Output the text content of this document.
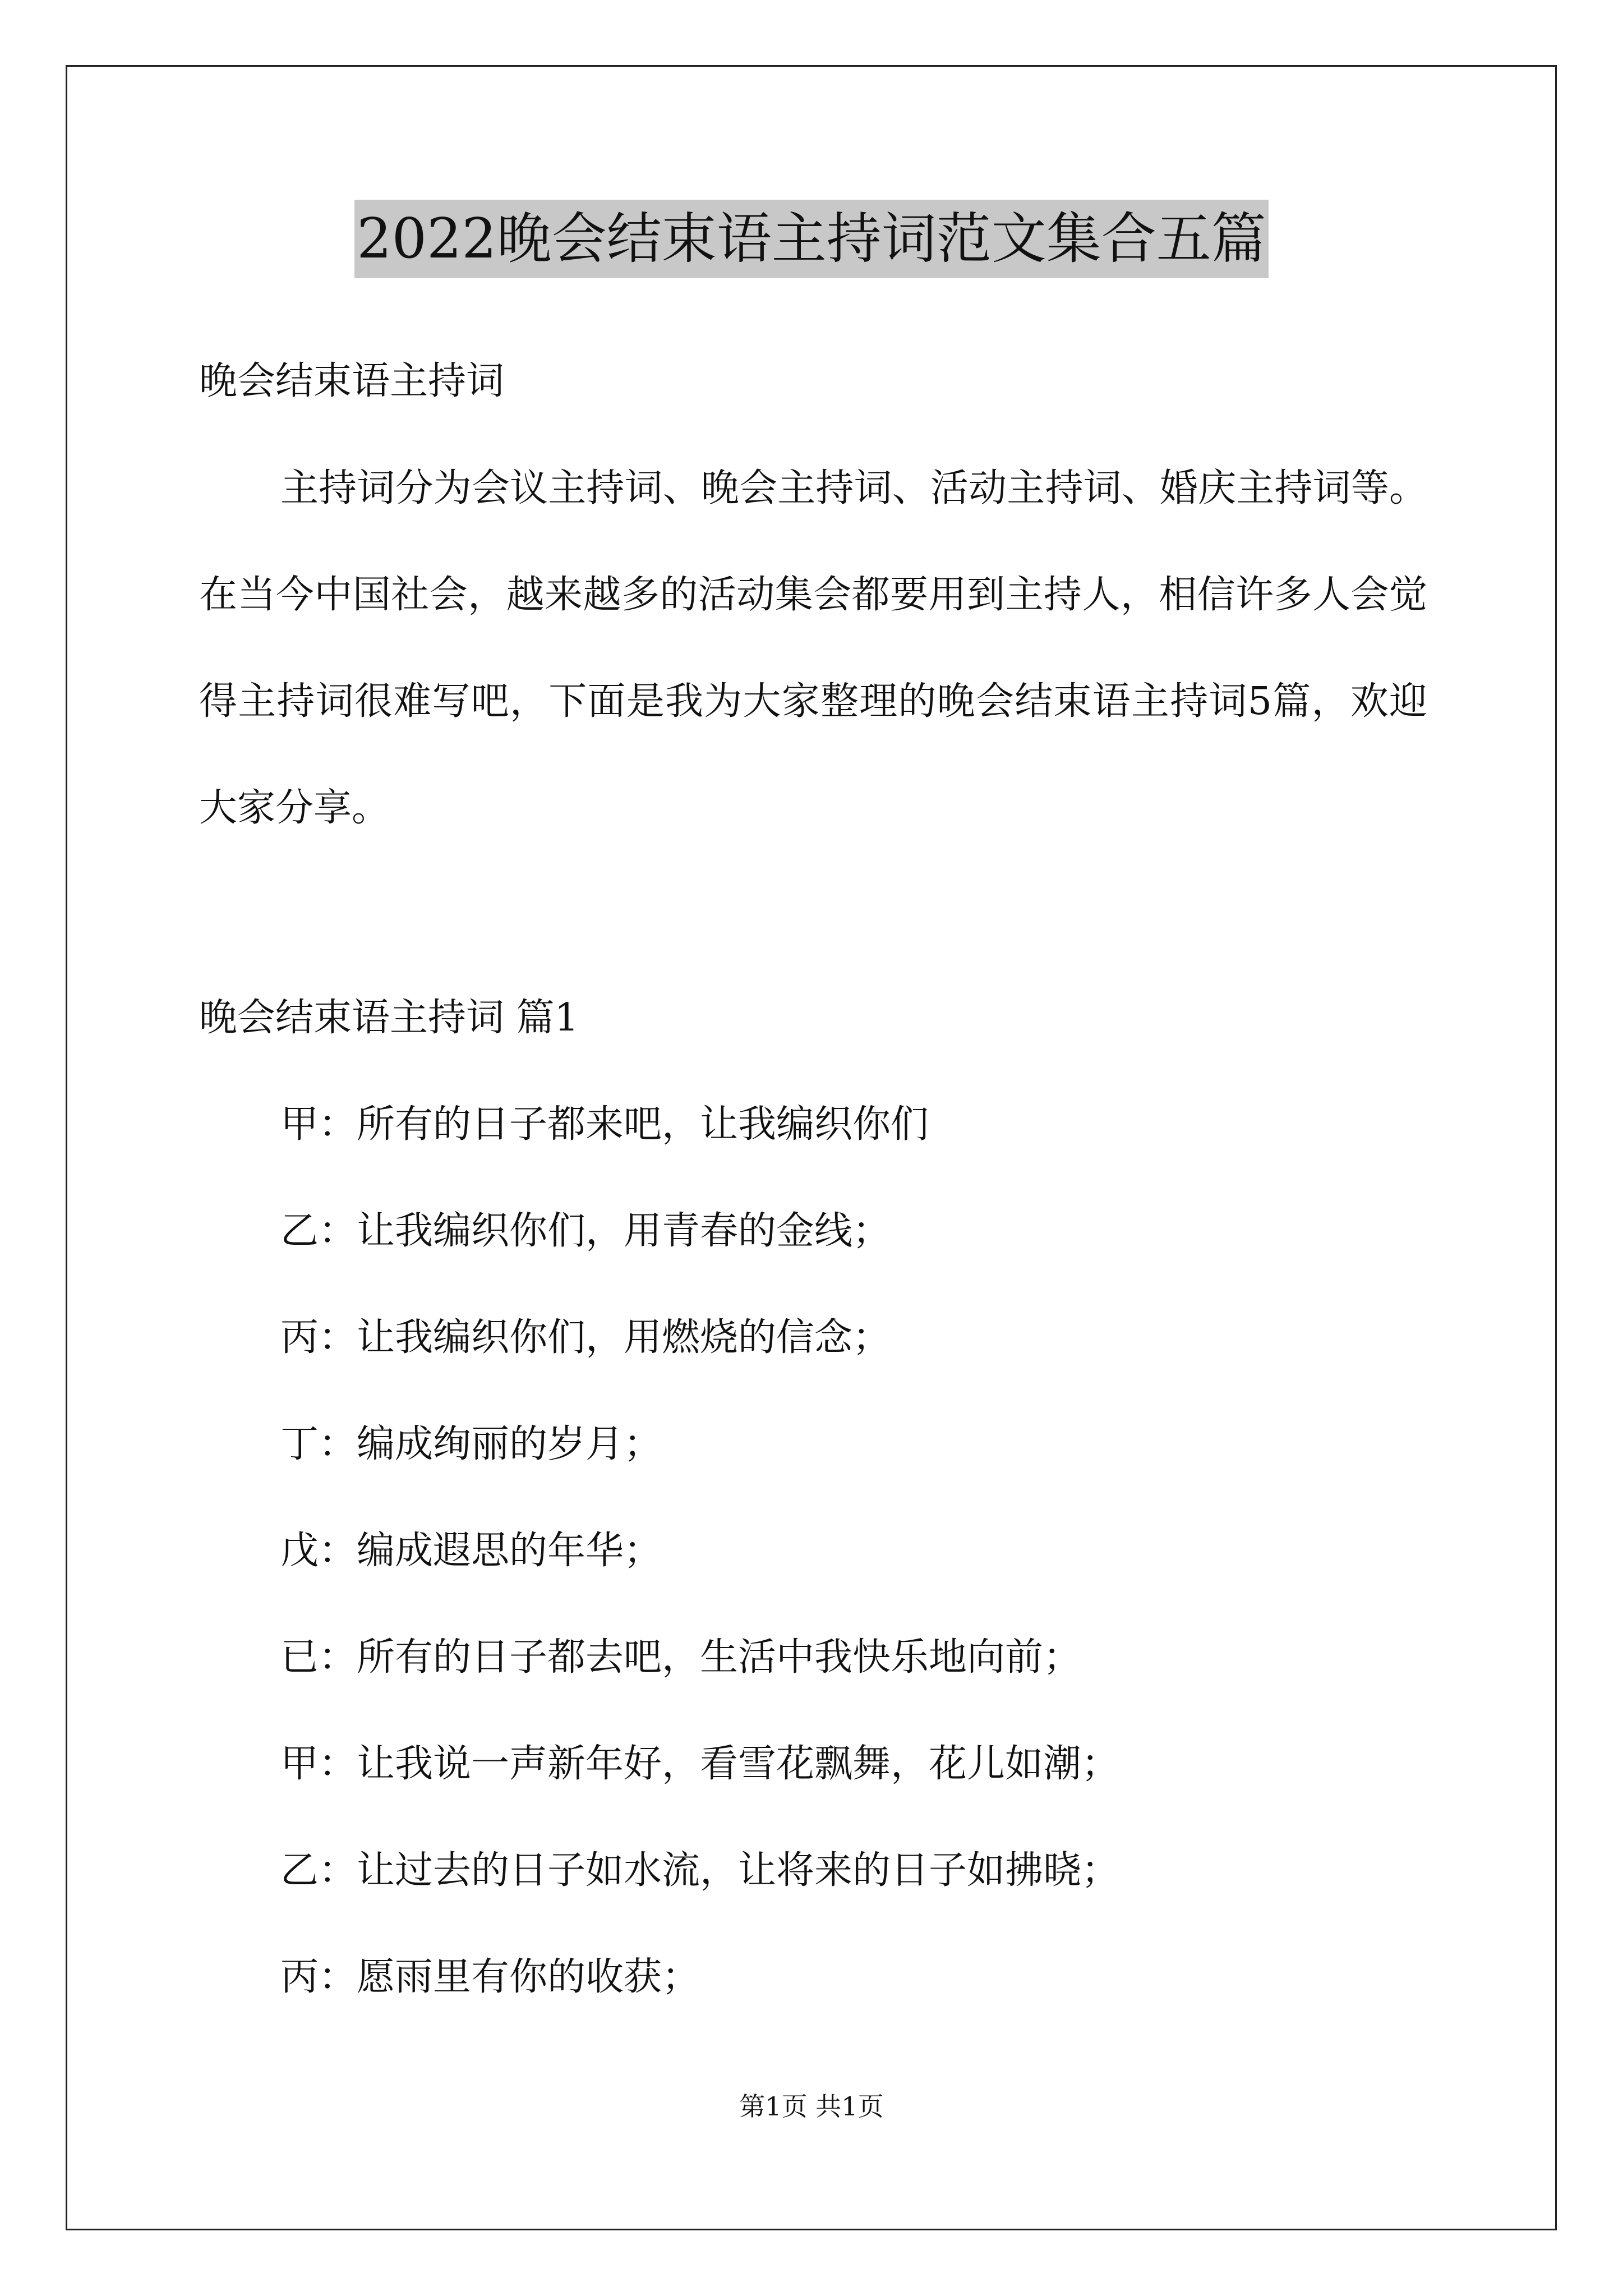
2022晚会结束语主持词范文集合五篇
晚会结束语主持词
主持词分为会议主持词、晚会主持词、活动主持词、婚庆主持词等。在当今中国社会，越来越多的活动集会都要用到主持人，相信许多人会觉得主持词很难写吧，下面是我为大家整理的晚会结束语主持词5篇，欢迎大家分享。
晚会结束语主持词 篇1
甲：所有的日子都来吧，让我编织你们
乙：让我编织你们，用青春的金线；
丙：让我编织你们，用燃烧的信念；
丁：编成绚丽的岁月；
戊：编成遐思的年华；
已：所有的日子都去吧，生活中我快乐地向前；
甲：让我说一声新年好，看雪花飘舞，花儿如潮；
乙：让过去的日子如水流，让将来的日子如拂晓；
丙：愿雨里有你的收获；
第1页 共1页
